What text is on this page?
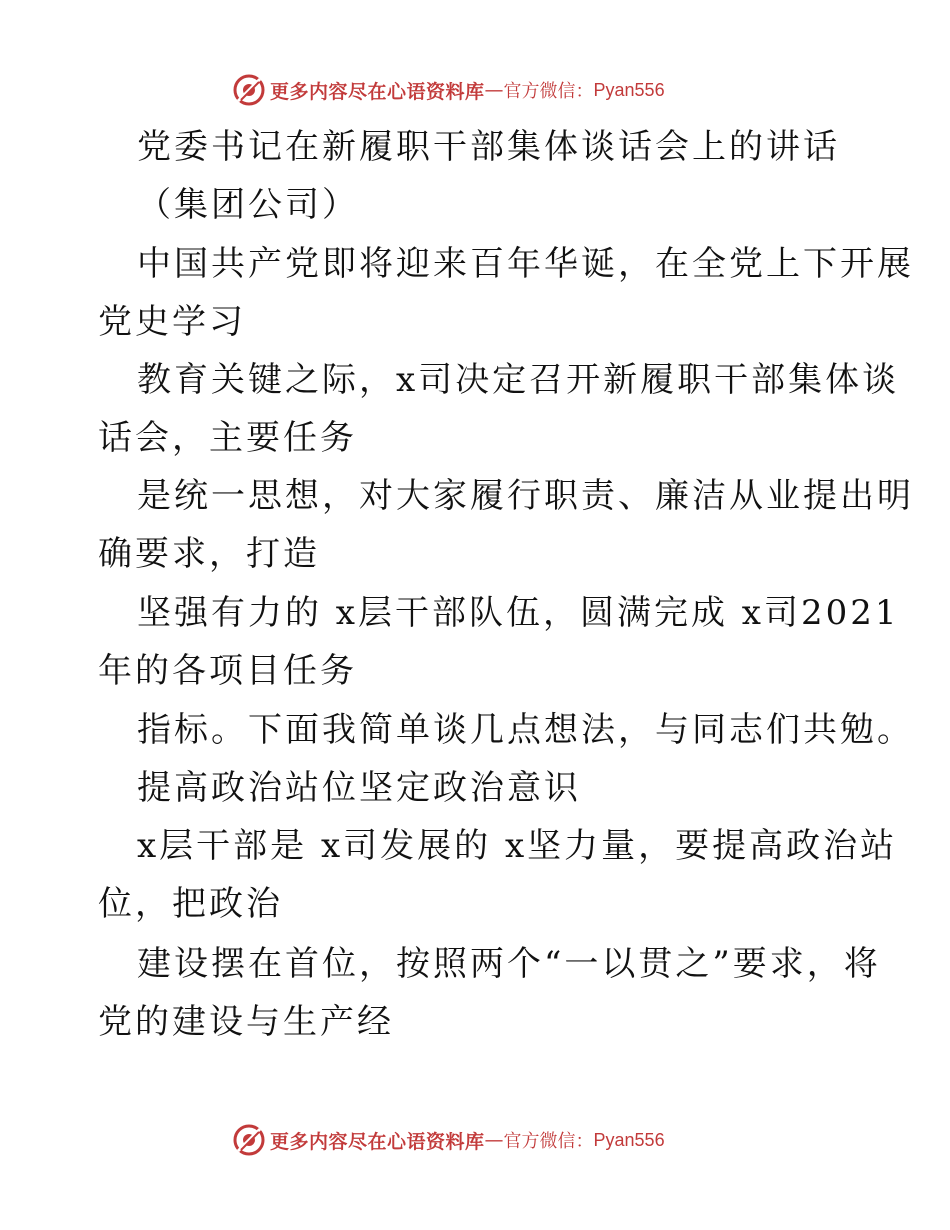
更多内容尽在心语资料库 — 官方微信： Pyan556
党委书记在新履职干部集体谈话会上的讲话
（集团公司）
中国共产党即将迎来百年华诞，在全党上下开展
党史学习
教育关键之际，x司决定召开新履职干部集体谈
话会，主要任务
是统一思想，对大家履行职责、廉洁从业提出明
确要求，打造
坚强有力的 x层干部队伍，圆满完成 x司2021
年的各项目任务
指标。下面我简单谈几点想法，与同志们共勉。
提高政治站位坚定政治意识
x层干部是 x司发展的 x坚力量，要提高政治站
位，把政治
建设摆在首位，按照两个“一以贯之”要求，将
党的建设与生产经
更多内容尽在心语资料库 — 官方微信： Pyan556
